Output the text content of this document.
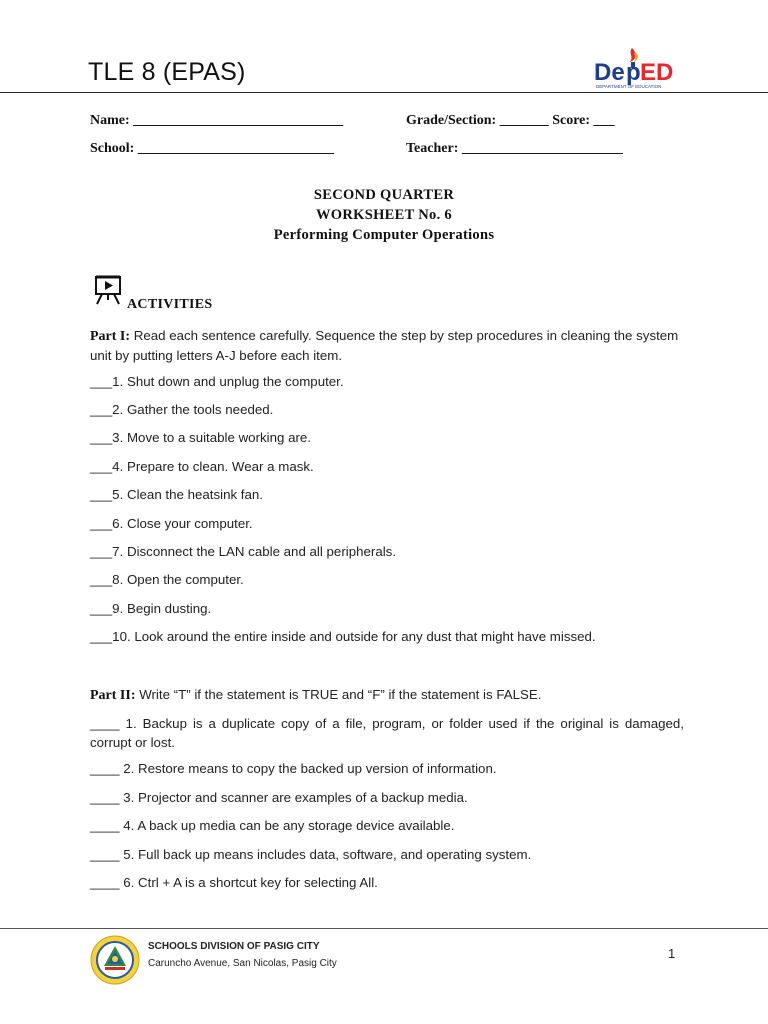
TLE 8 (EPAS)	De p ED
DEPARTMENT OF EDUCATION
Name: ______________________________	Grade/Section: _______ Score: ___
School: ____________________________	Teacher: _______________________
SECOND QUARTER
WORKSHEET No. 6
Performing Computer Operations
ACTIVITIES
Part I: Read each sentence carefully. Sequence the step by step procedures in cleaning the system unit by putting letters A-J before each item.
___1. Shut down and unplug the computer.
___2. Gather the tools needed.
___3. Move to a suitable working are.
___4. Prepare to clean. Wear a mask.
___5. Clean the heatsink fan.
___6. Close your computer.
___7. Disconnect the LAN cable and all peripherals.
___8. Open the computer.
___9. Begin dusting.
___10. Look around the entire inside and outside for any dust that might have missed.
Part II: Write “T” if the statement is TRUE and “F” if the statement is FALSE.
____ 1. Backup is a duplicate copy of a file, program, or folder used if the original is damaged, corrupt or lost.
____ 2. Restore means to copy the backed up version of information.
____ 3. Projector and scanner are examples of a backup media.
____ 4. A back up media can be any storage device available.
____ 5. Full back up means includes data, software, and operating system.
____ 6. Ctrl + A is a shortcut key for selecting All.
SCHOOLS DIVISION OF PASIG CITY
Caruncho Avenue, San Nicolas, Pasig City
1
